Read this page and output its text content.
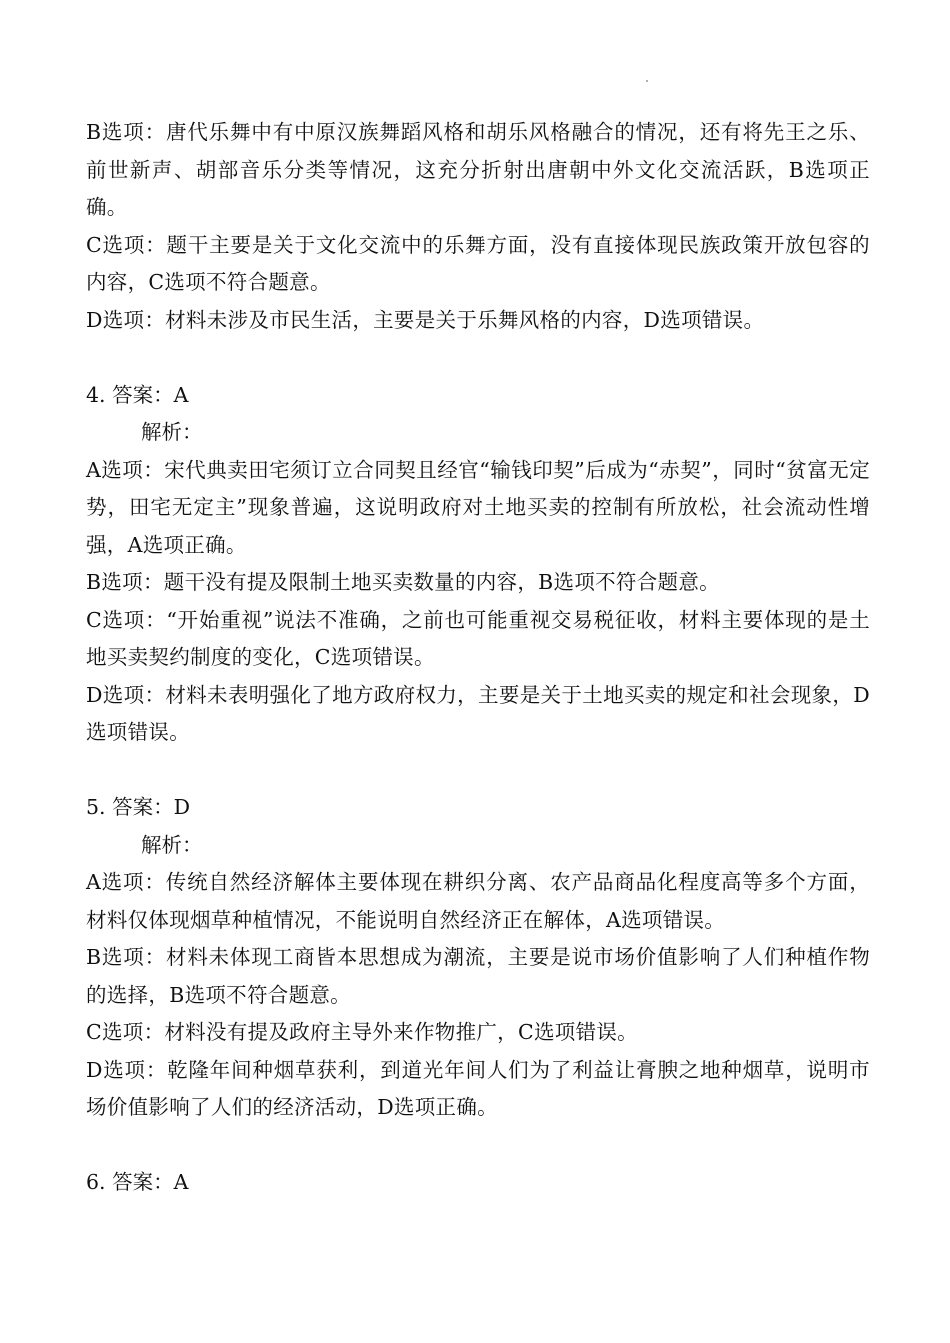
B选项：唐代乐舞中有中原汉族舞蹈风格和胡乐风格融合的情况，还有将先王之乐、前世新声、胡部音乐分类等情况，这充分折射出唐朝中外文化交流活跃，B选项正确。

C选项：题干主要是关于文化交流中的乐舞方面，没有直接体现民族政策开放包容的内容，C选项不符合题意。

D选项：材料未涉及市民生活，主要是关于乐舞风格的内容，D选项错误。

4. 答案：A

解析：

A选项：宋代典卖田宅须订立合同契且经官“输钱印契”后成为“赤契”，同时“贫富无定势，田宅无定主”现象普遍，这说明政府对土地买卖的控制有所放松，社会流动性增强，A选项正确。

B选项：题干没有提及限制土地买卖数量的内容，B选项不符合题意。

C选项：“开始重视”说法不准确，之前也可能重视交易税征收，材料主要体现的是土地买卖契约制度的变化，C选项错误。

D选项：材料未表明强化了地方政府权力，主要是关于土地买卖的规定和社会现象，D选项错误。

5. 答案：D

解析：

A选项：传统自然经济解体主要体现在耕织分离、农产品商品化程度高等多个方面，材料仅体现烟草种植情况，不能说明自然经济正在解体，A选项错误。

B选项：材料未体现工商皆本思想成为潮流，主要是说市场价值影响了人们种植作物的选择，B选项不符合题意。

C选项：材料没有提及政府主导外来作物推广，C选项错误。

D选项：乾隆年间种烟草获利，到道光年间人们为了利益让膏腴之地种烟草，说明市场价值影响了人们的经济活动，D选项正确。

6. 答案：A
